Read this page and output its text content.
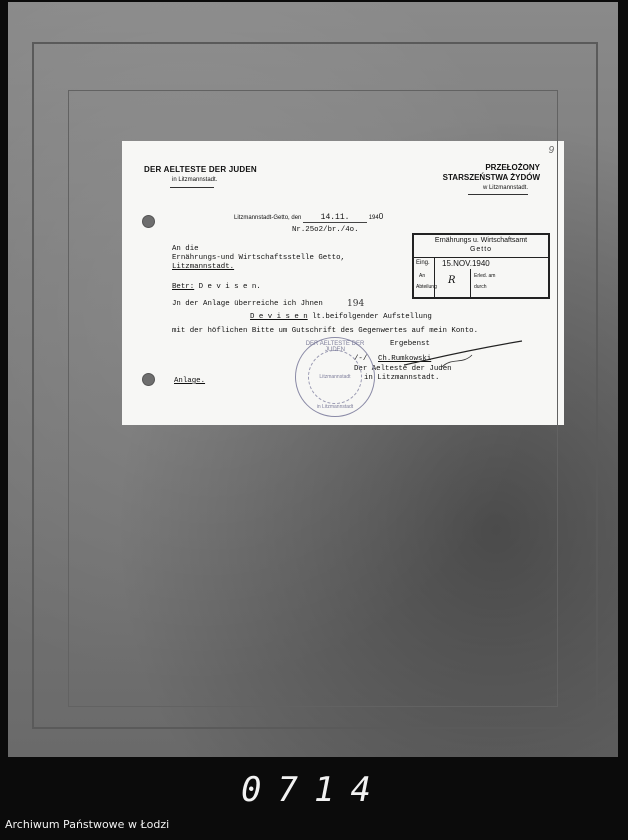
9
DER AELTESTE DER JUDEN
in Litzmannstadt.
PRZEŁOŻONY
STARSZEŃSTWA ŻYDÓW
w Litzmannstadt.
Litzmannstadt-Getto, den 14.11.	1940
Nr.25o2/br./4o.
An die
Ernährungs-und Wirtschaftsstelle Getto,
Litzmannstadt.
Betr: D e v i s e n.
Jn der Anlage überreiche ich Jhnen	194
D e v i s e n lt.beifolgender Aufstellung
mit der höflichen Bitte um Gutschrift des Gegenwertes auf mein Konto.
Ergebenst
/-/ Ch.Rumkowski
Der Aelteste der Juden
in Litzmannstadt.
Anlage.
Ernährungs u. Wirtschaftsamt
Getto
Eing. 15.NOV.1940
An
Abteilung
R	Erled. am
durch
DER AELTESTE DER JUDEN
Litzmannstadt
in Litzmannstadt
0714
Archiwum Państwowe w Łodzi
